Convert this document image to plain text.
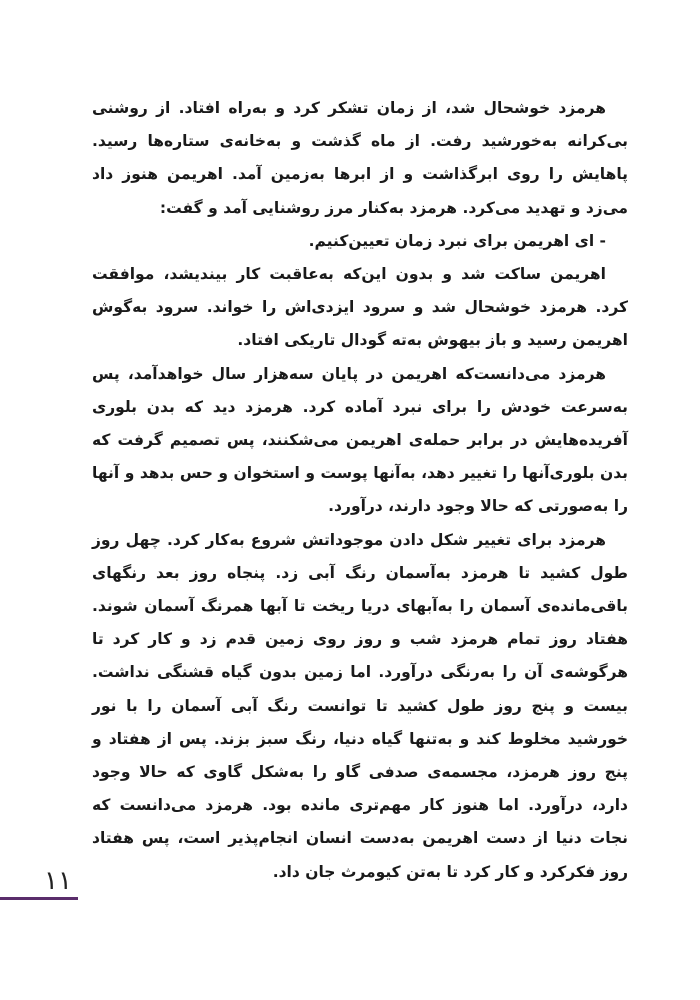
هرمزد خوشحال شد، از زمان تشکر کرد و به‌راه افتاد. از روشنی بی‌کرانه به‌خورشید رفت. از ماه گذشت و به‌خانه‌ی ستاره‌ها رسید. پاهایش را روی ابرگذاشت و از ابرها به‌زمین آمد. اهریمن هنوز داد می‌زد و تهدید می‌کرد. هرمزد به‌کنار مرز روشنایی آمد و گفت:

- ای اهریمن برای نبرد زمان تعیین‌کنیم.

اهریمن ساکت شد و بدون این‌که به‌عاقبت کار بیندیشد، موافقت کرد. هرمزد خوشحال شد و سرود ایزدی‌اش را خواند. سرود به‌گوش اهریمن رسید و باز بیهوش به‌ته گودال تاریکی افتاد.

هرمزد می‌دانست‌که اهریمن در پایان سه‌هزار سال خواهدآمد، پس به‌سرعت خودش را برای نبرد آماده کرد. هرمزد دید که بدن بلوری آفریده‌هایش در برابر حمله‌ی اهریمن می‌شکنند، پس تصمیم گرفت که بدن بلوری‌آنها را تغییر دهد، به‌آنها پوست و استخوان و حس بدهد و آنها را به‌صورتی که حالا وجود دارند، درآورد.

هرمزد برای تغییر شکل دادن موجوداتش شروع به‌کار کرد. چهل روز طول کشید تا هرمزد به‌آسمان رنگ آبی زد. پنجاه روز بعد رنگهای باقی‌مانده‌ی آسمان را به‌آبهای دریا ریخت تا آبها همرنگ آسمان شوند. هفتاد روز تمام هرمزد شب و روز روی زمین قدم زد و کار کرد تا هرگوشه‌ی آن را به‌رنگی درآورد. اما زمین بدون گیاه قشنگی نداشت. بیست و پنج روز طول کشید تا توانست رنگ آبی آسمان را با نور خورشید مخلوط کند و به‌تنها گیاه دنیا، رنگ سبز بزند. پس از هفتاد و پنج روز هرمزد، مجسمه‌ی صدفی گاو را به‌شکل گاوی که حالا وجود دارد، درآورد. اما هنوز کار مهم‌تری مانده بود. هرمزد می‌دانست که نجات دنیا از دست اهریمن به‌دست انسان انجام‌پذیر است، پس هفتاد روز فکرکرد و کار کرد تا به‌تن کیومرث جان داد.

۱۱
